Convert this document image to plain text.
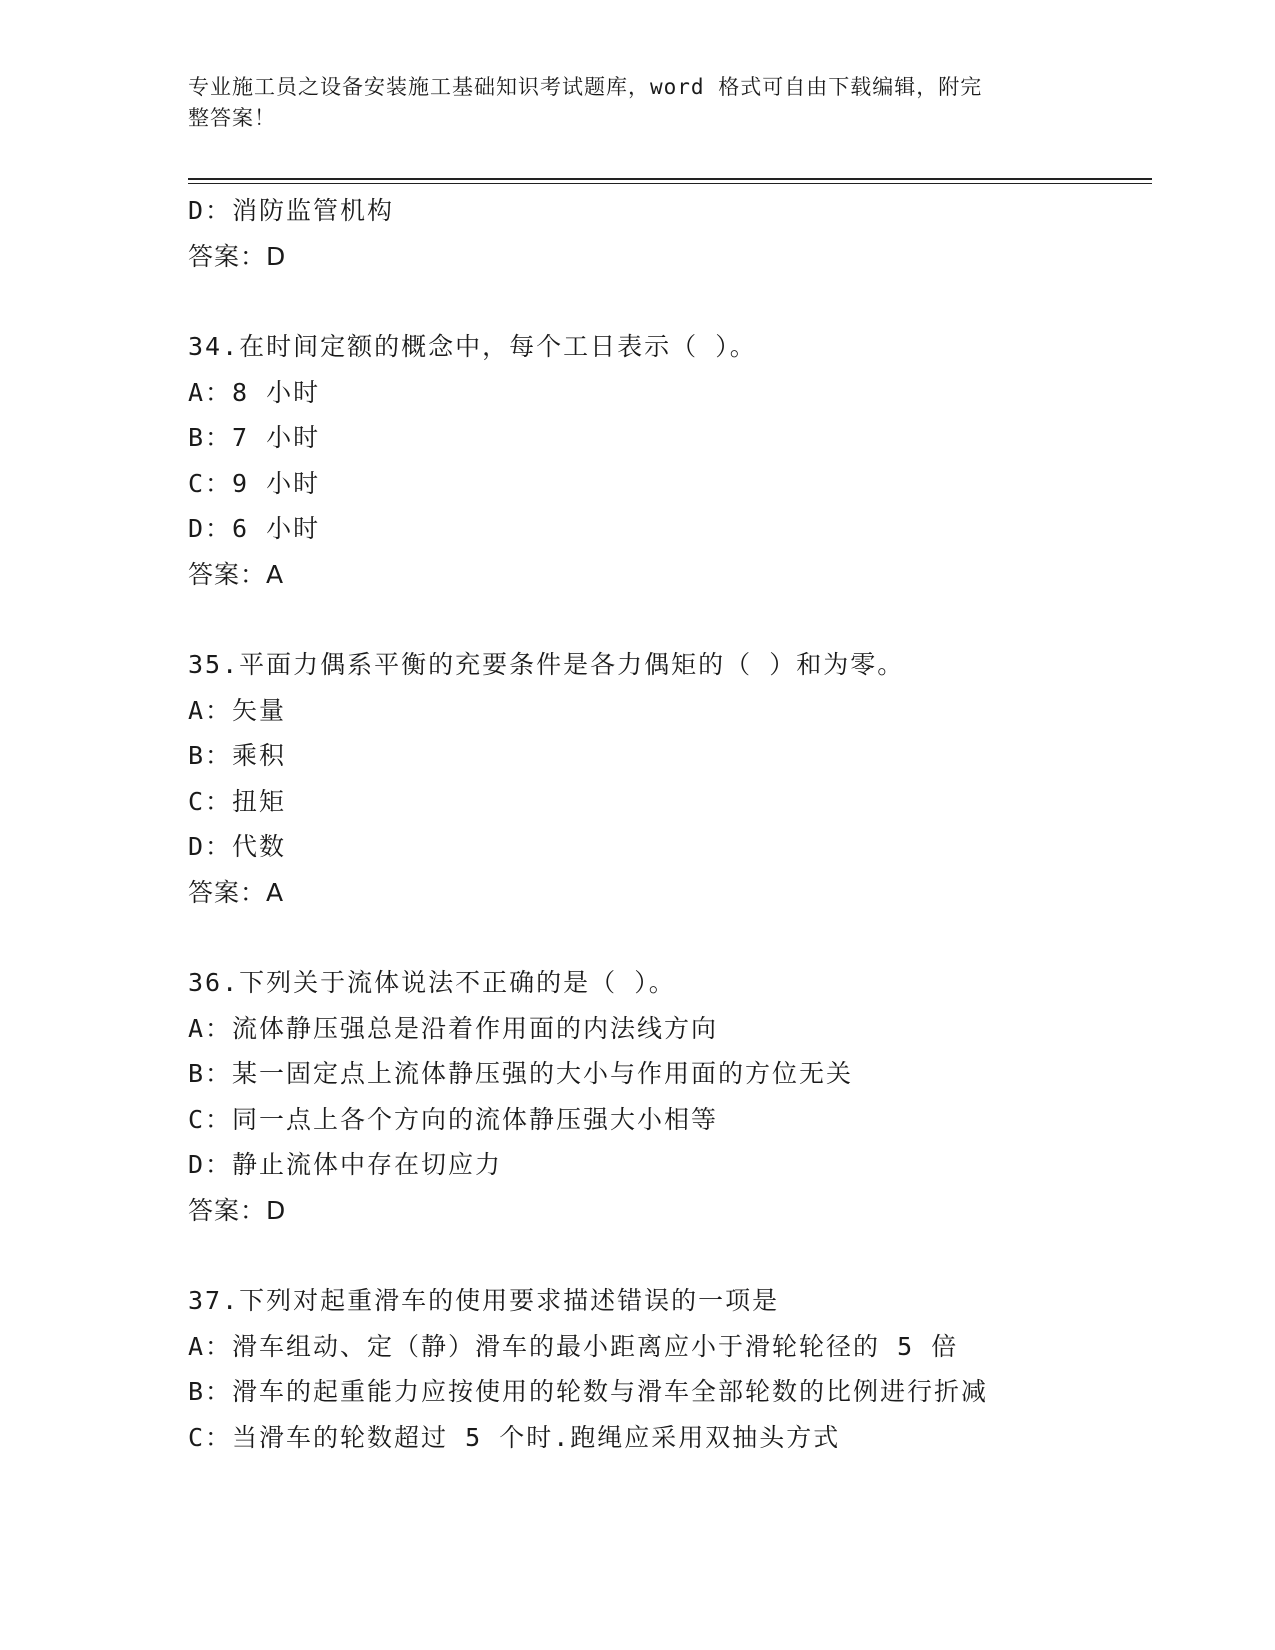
专业施工员之设备安装施工基础知识考试题库，word 格式可自由下载编辑，附完
整答案！
D：消防监管机构
答案：D
34.在时间定额的概念中，每个工日表示（ ）。
A：8 小时
B：7 小时
C：9 小时
D：6 小时
答案：A
35.平面力偶系平衡的充要条件是各力偶矩的（ ）和为零。
A：矢量
B：乘积
C：扭矩
D：代数
答案：A
36.下列关于流体说法不正确的是（ ）。
A：流体静压强总是沿着作用面的内法线方向
B：某一固定点上流体静压强的大小与作用面的方位无关
C：同一点上各个方向的流体静压强大小相等
D：静止流体中存在切应力
答案：D
37.下列对起重滑车的使用要求描述错误的一项是
A：滑车组动、定（静）滑车的最小距离应小于滑轮轮径的 5 倍
B：滑车的起重能力应按使用的轮数与滑车全部轮数的比例进行折减
C：当滑车的轮数超过 5 个时.跑绳应采用双抽头方式
